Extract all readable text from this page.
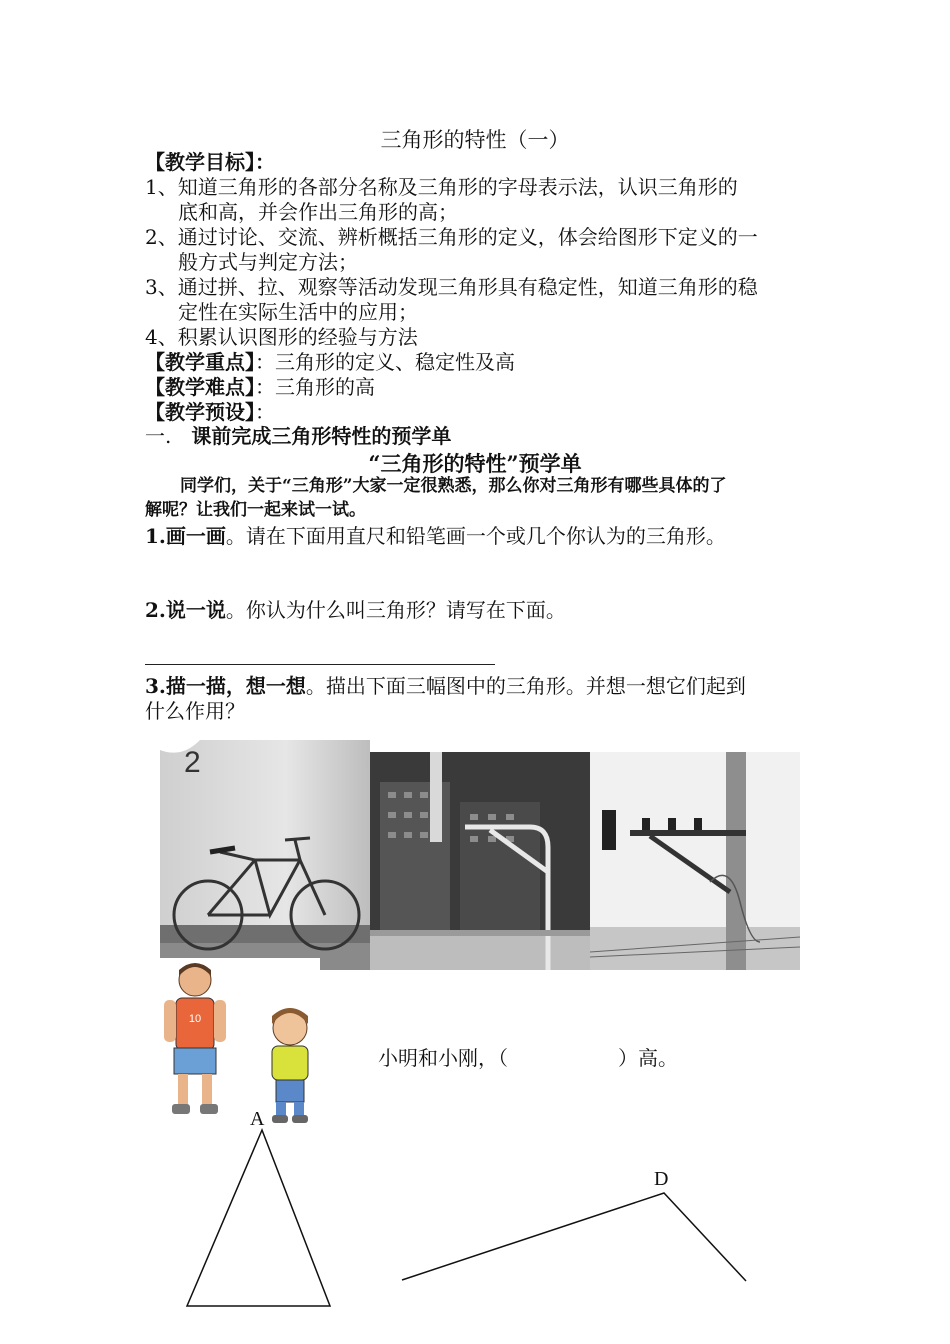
三角形的特性（一）
【教学目标】：
1、知道三角形的各部分名称及三角形的字母表示法，认识三角形的
底和高，并会作出三角形的高；
2、通过讨论、交流、辨析概括三角形的定义，体会给图形下定义的一
般方式与判定方法；
3、通过拼、拉、观察等活动发现三角形具有稳定性，知道三角形的稳
定性在实际生活中的应用；
4、积累认识图形的经验与方法
【教学重点】：三角形的定义、稳定性及高
【教学难点】：三角形的高
【教学预设】：
一. 课前完成三角形特性的预学单
“三角形的特性”预学单
同学们，关于“三角形”大家一定很熟悉，那么你对三角形有哪些具体的了
解呢？让我们一起来试一试。
1.画一画。请在下面用直尺和铅笔画一个或几个你认为的三角形。
2.说一说。你认为什么叫三角形？请写在下面。
3.描一描，想一想。描出下面三幅图中的三角形。并想一想它们起到
什么作用？
2
10
小明和小刚，（	）高。
A
D
